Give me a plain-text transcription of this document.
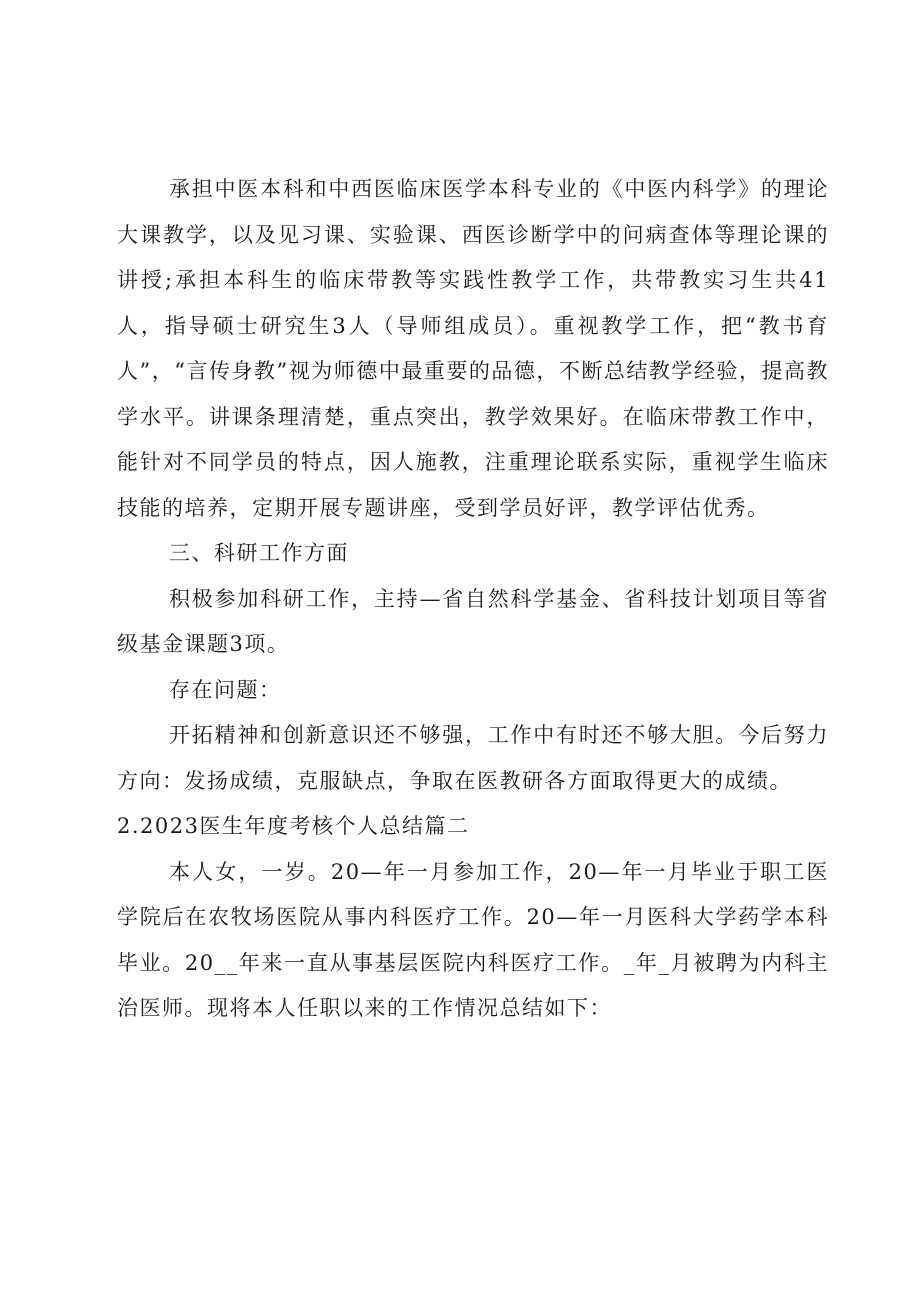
承担中医本科和中西医临床医学本科专业的《中医内科学》的理论大课教学，以及见习课、实验课、西医诊断学中的问病查体等理论课的讲授;承担本科生的临床带教等实践性教学工作，共带教实习生共41人，指导硕士研究生3人（导师组成员）。重视教学工作，把“教书育人”，“言传身教”视为师德中最重要的品德，不断总结教学经验，提高教学水平。讲课条理清楚，重点突出，教学效果好。在临床带教工作中，能针对不同学员的特点，因人施教，注重理论联系实际，重视学生临床技能的培养，定期开展专题讲座，受到学员好评，教学评估优秀。

三、科研工作方面

积极参加科研工作，主持—省自然科学基金、省科技计划项目等省级基金课题3项。

存在问题：

开拓精神和创新意识还不够强，工作中有时还不够大胆。今后努力方向：发扬成绩，克服缺点，争取在医教研各方面取得更大的成绩。

2.2023医生年度考核个人总结篇二

本人女，一岁。20—年一月参加工作，20—年一月毕业于职工医学院后在农牧场医院从事内科医疗工作。20—年一月医科大学药学本科毕业。20__年来一直从事基层医院内科医疗工作。_年_月被聘为内科主治医师。现将本人任职以来的工作情况总结如下：
